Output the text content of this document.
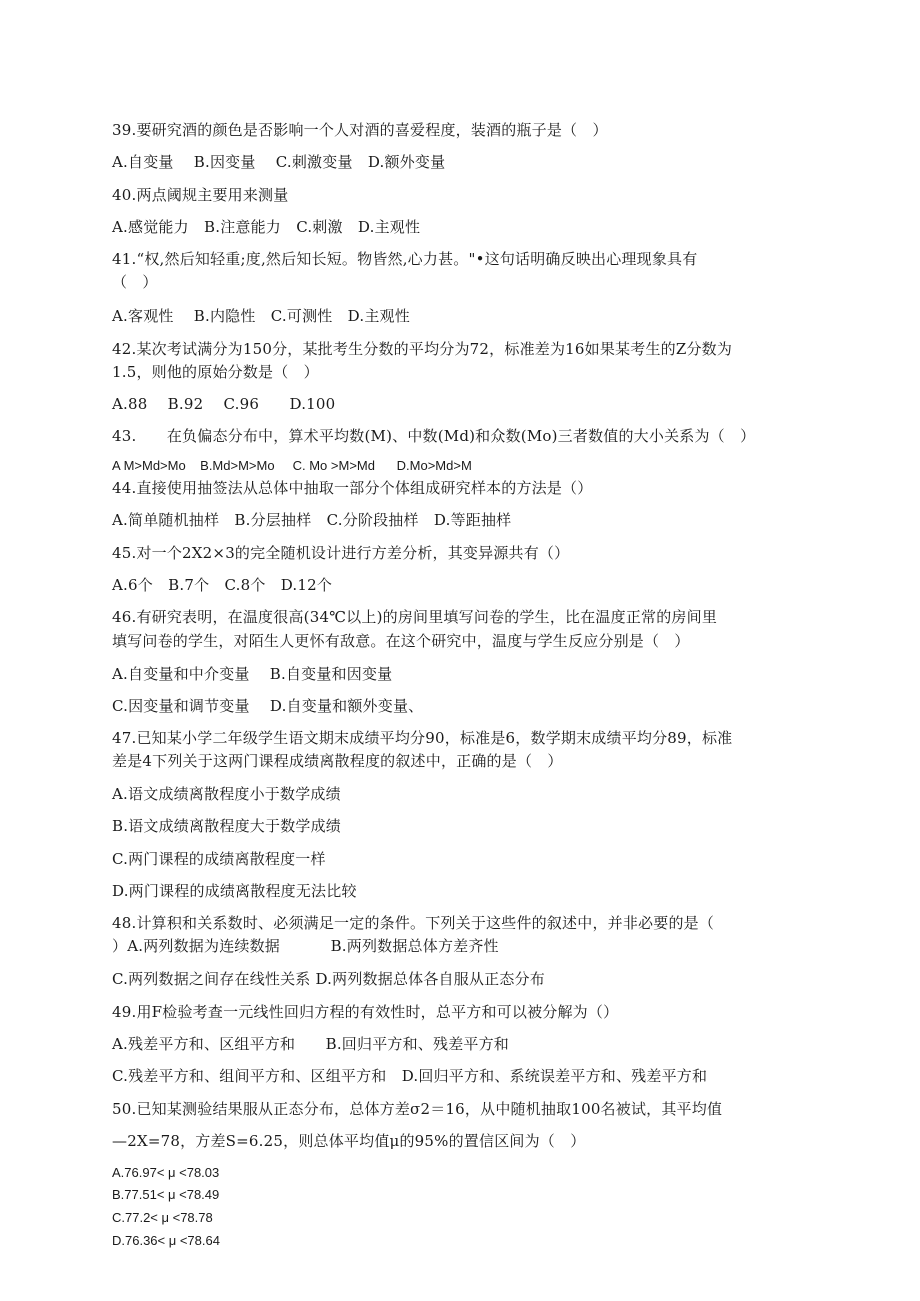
39.要研究酒的颜色是否影响一个人对酒的喜爱程度，装酒的瓶子是（　）
A.自变量　 B.因变量　 C.刺激变量　D.额外变量
40.两点阈规主要用来测量
A.感觉能力　B.注意能力　C.刺激　D.主观性
41.“权,然后知轻重;度,然后知长短。物皆然,心力甚。"•这句话明确反映出心理现象具有
（　）
A.客观性　 B.内隐性　C.可测性　D.主观性
42.某次考试满分为150分，某批考生分数的平均分为72，标准差为16如果某考生的Z分数为
1.5，则他的原始分数是（　）
A.88　 B.92　 C.96　　D.100
43.　　在负偏态分布中，算术平均数(M)、中数(Md)和众数(Mo)三者数值的大小关系为（　）
A M>Md>Mo    B.Md>M>Mo     C. Mo >M>Md      D.Mo>Md>M
44.直接使用抽签法从总体中抽取一部分个体组成研究样本的方法是（）
A.简单随机抽样　B.分层抽样　C.分阶段抽样　D.等距抽样
45.对一个2X2×3的完全随机设计进行方差分析，其变异源共有（）
A.6个　B.7个　C.8个　D.12个
46.有研究表明，在温度很高(34℃以上)的房间里填写问卷的学生，比在温度正常的房间里
填写问卷的学生，对陌生人更怀有敌意。在这个研究中，温度与学生反应分别是（　）
A.自变量和中介变量　 B.自变量和因变量
C.因变量和调节变量　 D.自变量和额外变量、
47.已知某小学二年级学生语文期末成绩平均分90，标准是6，数学期末成绩平均分89，标准
差是4下列关于这两门课程成绩离散程度的叙述中，正确的是（　）
A.语文成绩离散程度小于数学成绩
B.语文成绩离散程度大于数学成绩
C.两门课程的成绩离散程度一样
D.两门课程的成绩离散程度无法比较
48.计算积和关系数时、必须满足一定的条件。下列关于这些件的叙述中，并非必要的是（
）A.两列数据为连续数据　　　 B.两列数据总体方差齐性
C.两列数据之间存在线性关系 D.两列数据总体各自服从正态分布
49.用F检验考查一元线性回归方程的有效性时，总平方和可以被分解为（）
A.残差平方和、区组平方和　　B.回归平方和、残差平方和
C.残差平方和、组间平方和、区组平方和　D.回归平方和、系统误差平方和、残差平方和
50.已知某测验结果服从正态分布，总体方差σ2＝16，从中随机抽取100名被试，其平均值
—2X=78，方差S=6.25，则总体平均值μ的95%的置信区间为（　）
A.76.97< μ <78.03
B.77.51< μ <78.49
C.77.2< μ <78.78
D.76.36< μ <78.64
